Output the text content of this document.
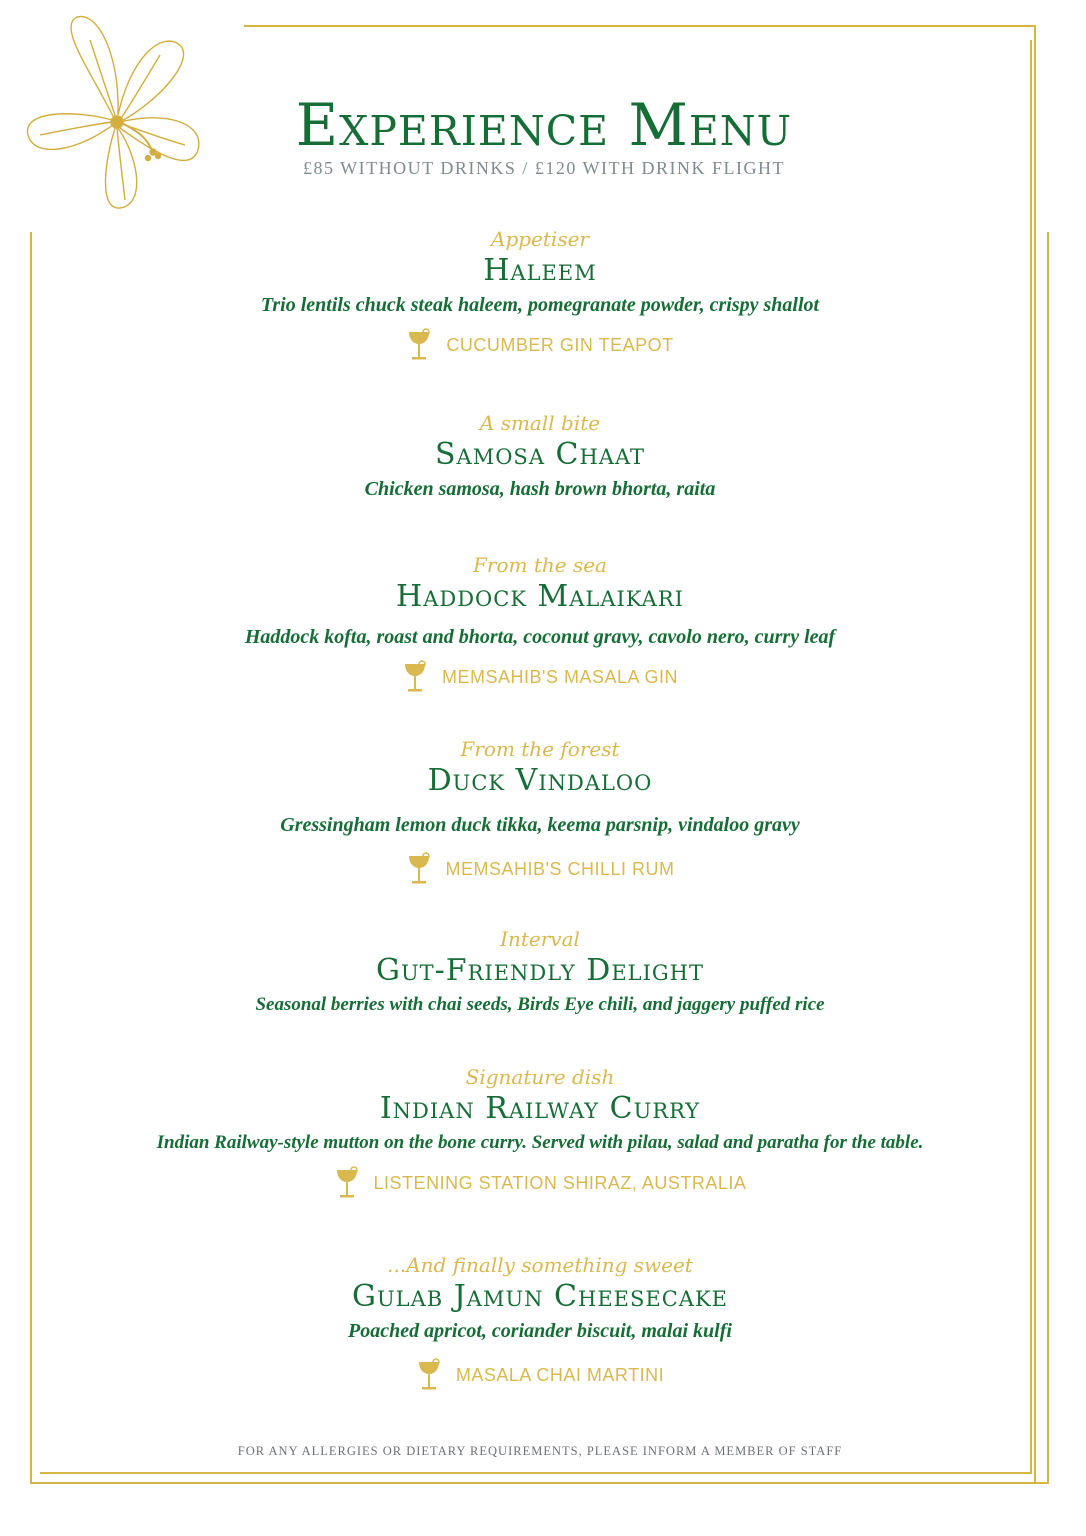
Experience Menu
£85 WITHOUT DRINKS / £120 WITH DRINK FLIGHT
Appetiser
Haleem
Trio lentils chuck steak haleem, pomegranate powder, crispy shallot
CUCUMBER GIN TEAPOT
A small bite
Samosa Chaat
Chicken samosa, hash brown bhorta, raita
From the sea
Haddock Malaikari
Haddock kofta, roast and bhorta, coconut gravy, cavolo nero, curry leaf
MEMSAHIB'S MASALA GIN
From the forest
Duck Vindaloo
Gressingham lemon duck tikka, keema parsnip, vindaloo gravy
MEMSAHIB'S CHILLI RUM
Interval
Gut-Friendly Delight
Seasonal berries with chai seeds, Birds Eye chili, and jaggery puffed rice
Signature dish
Indian Railway Curry
Indian Railway-style mutton on the bone curry. Served with pilau, salad and paratha for the table.
LISTENING STATION SHIRAZ, AUSTRALIA
...And finally something sweet
Gulab Jamun Cheesecake
Poached apricot, coriander biscuit, malai kulfi
MASALA CHAI MARTINI
FOR ANY ALLERGIES OR DIETARY REQUIREMENTS, PLEASE INFORM A MEMBER OF STAFF
